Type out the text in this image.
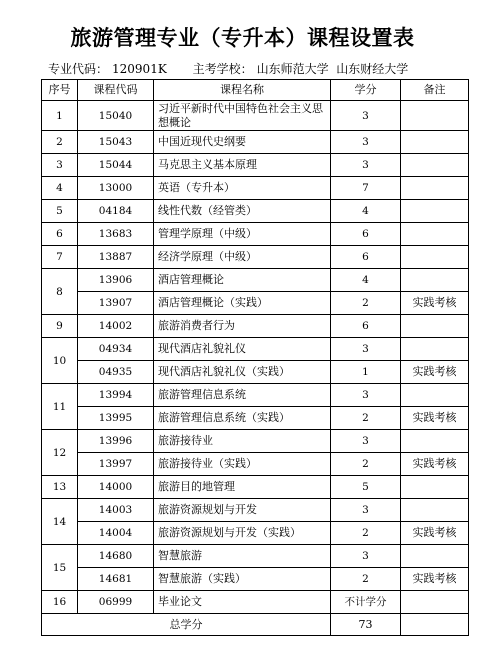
旅游管理专业（专升本）课程设置表
专业代码： 120901K 主考学校： 山东师范大学  山东财经大学
序号	课程代码	课程名称	学分	备注
1	15040	习近平新时代中国特色社会主义思想概论	3	
2	15043	中国近现代史纲要	3	
3	15044	马克思主义基本原理	3	
4	13000	英语（专升本）	7	
5	04184	线性代数（经管类）	4	
6	13683	管理学原理（中级）	6	
7	13887	经济学原理（中级）	6	
8	13906	酒店管理概论	4	
	13907	酒店管理概论（实践）	2	实践考核
9	14002	旅游消费者行为	6	
10	04934	现代酒店礼貌礼仪	3	
	04935	现代酒店礼貌礼仪（实践）	1	实践考核
11	13994	旅游管理信息系统	3	
	13995	旅游管理信息系统（实践）	2	实践考核
12	13996	旅游接待业	3	
	13997	旅游接待业（实践）	2	实践考核
13	14000	旅游目的地管理	5	
14	14003	旅游资源规划与开发	3	
	14004	旅游资源规划与开发（实践）	2	实践考核
15	14680	智慧旅游	3	
	14681	智慧旅游（实践）	2	实践考核
16	06999	毕业论文	不计学分	
总学分			73	
